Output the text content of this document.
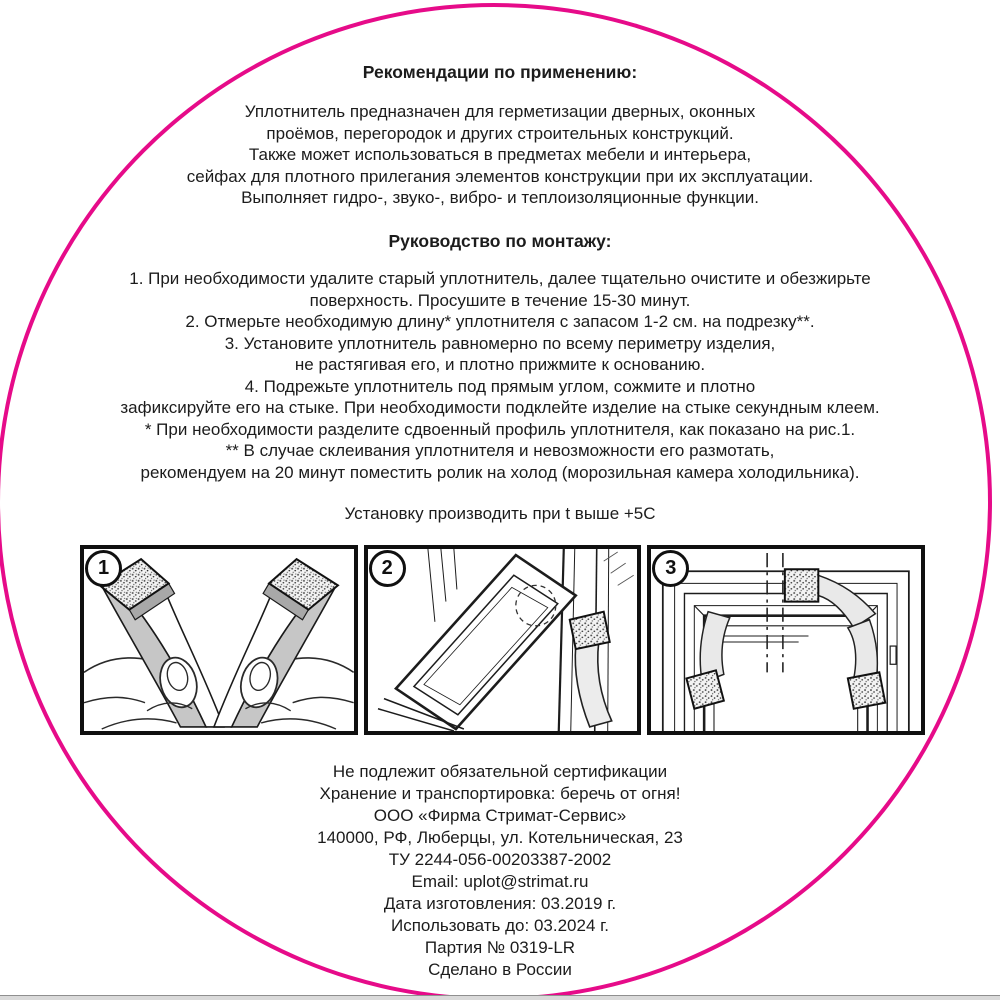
Рекомендации по применению:
Уплотнитель предназначен для герметизации дверных, оконных
проёмов, перегородок и других строительных конструкций.
Также может использоваться в предметах мебели и интерьера,
сейфах для плотного прилегания элементов конструкции при их эксплуатации.
Выполняет гидро-, звуко-, вибро- и теплоизоляционные функции.
Руководство по монтажу:
1. При необходимости удалите старый уплотнитель, далее тщательно очистите и обезжирьте
поверхность. Просушите в течение 15-30 минут.
2. Отмерьте необходимую длину* уплотнителя с запасом 1-2 см. на подрезку**.
3. Установите уплотнитель равномерно по всему периметру изделия,
не растягивая его, и плотно прижмите к основанию.
4. Подрежьте уплотнитель под прямым углом, сожмите и плотно
зафиксируйте его на стыке. При необходимости подклейте изделие на стыке секундным клеем.
* При необходимости разделите сдвоенный профиль уплотнителя, как показано на рис.1.
** В случае склеивания уплотнителя и невозможности его размотать,
рекомендуем на 20 минут поместить ролик на холод (морозильная камера холодильника).
Установку производить при t выше +5С
1	2	3
Не подлежит обязательной сертификации
Хранение и транспортировка: беречь от огня!
ООО «Фирма Стримат-Сервис»
140000, РФ, Люберцы, ул. Котельническая, 23
ТУ 2244-056-00203387-2002
Email: uplot@strimat.ru
Дата изготовления: 03.2019 г.
Использовать до: 03.2024 г.
Партия № 0319-LR
Сделано в России
